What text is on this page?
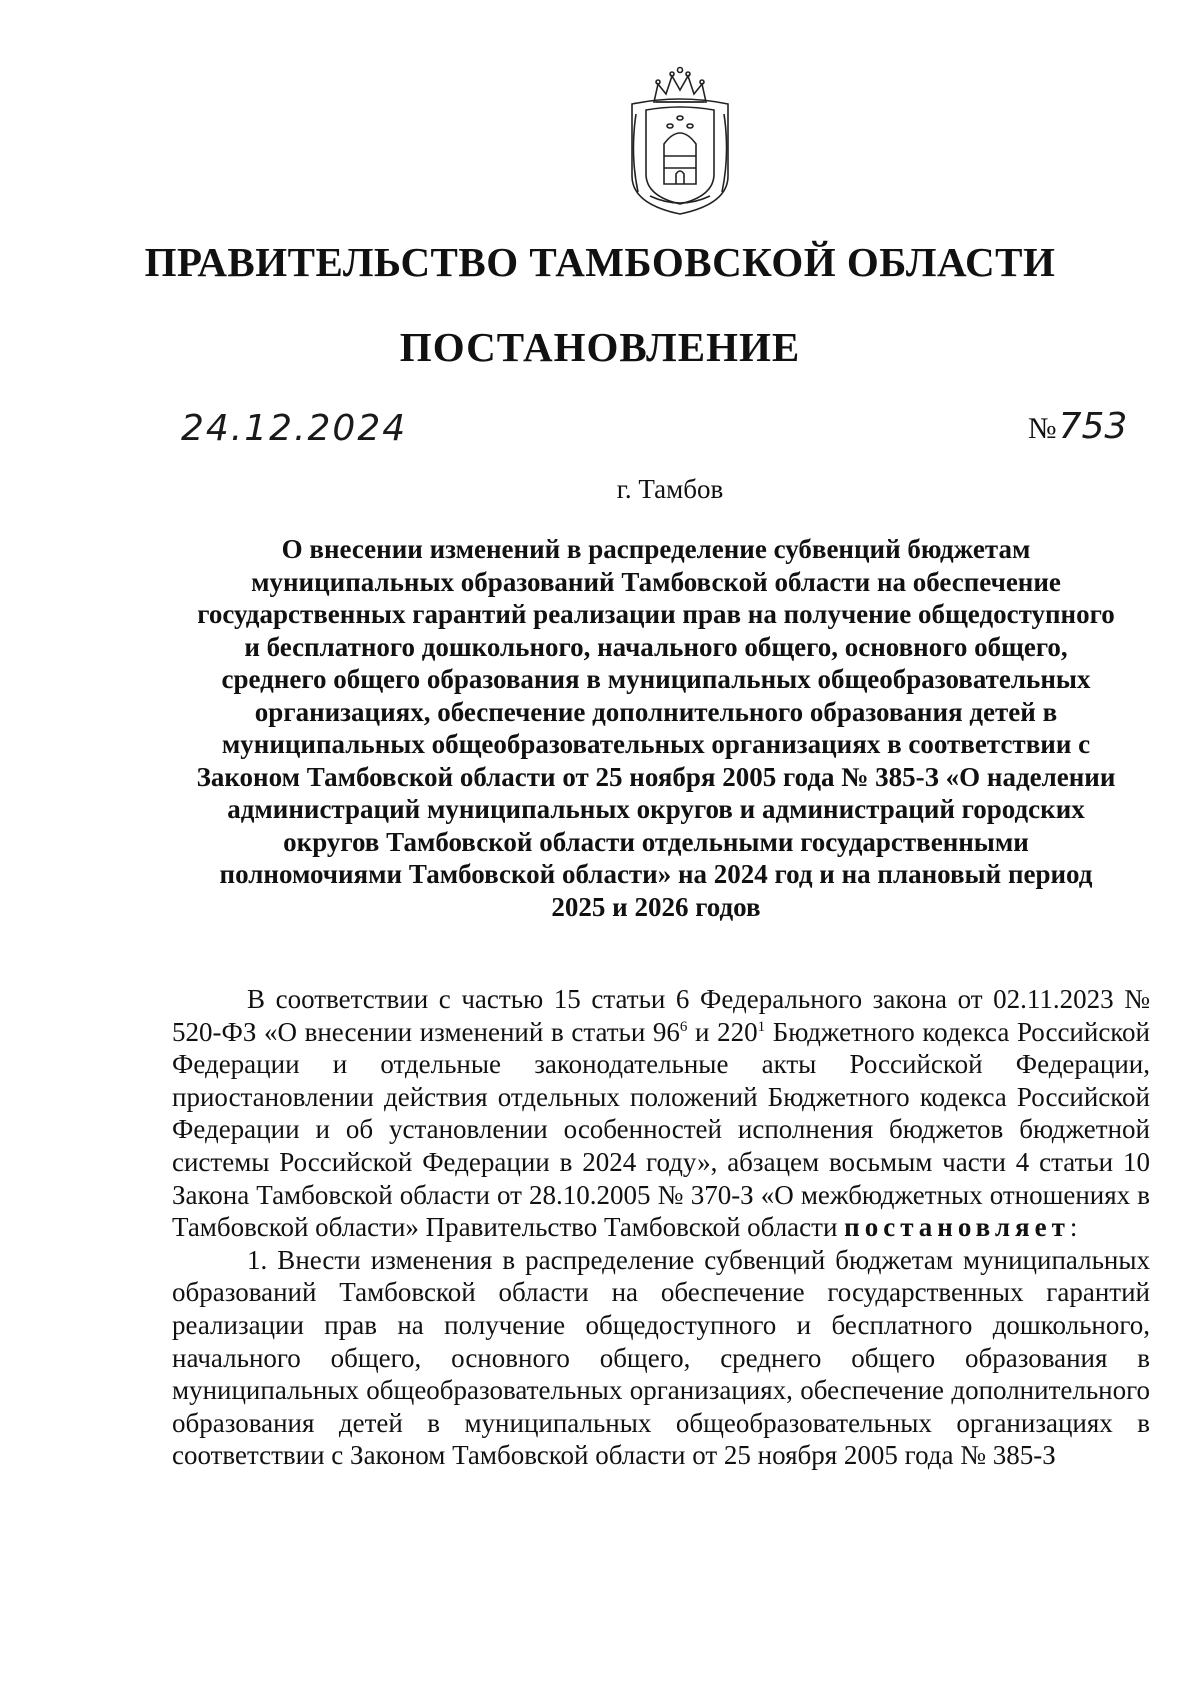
ПРАВИТЕЛЬСТВО ТАМБОВСКОЙ ОБЛАСТИ
ПОСТАНОВЛЕНИЕ
24.12.2024	№753

г. Тамбов

О внесении изменений в распределение субвенций бюджетам муниципальных образований Тамбовской области на обеспечение государственных гарантий реализации прав на получение общедоступного и бесплатного дошкольного, начального общего, основного общего, среднего общего образования в муниципальных общеобразовательных организациях, обеспечение дополнительного образования детей в муниципальных общеобразовательных организациях в соответствии с Законом Тамбовской области от 25 ноября 2005 года № 385-З «О наделении администраций муниципальных округов и администраций городских округов Тамбовской области отдельными государственными полномочиями Тамбовской области» на 2024 год и на плановый период 2025 и 2026 годов

В соответствии с частью 15 статьи 6 Федерального закона от 02.11.2023 № 520-ФЗ «О внесении изменений в статьи $96^6$ и $220^1$ Бюджетного кодекса Российской Федерации и отдельные законодательные акты Российской Федерации, приостановлении действия отдельных положений Бюджетного кодекса Российской Федерации и об установлении особенностей исполнения бюджетов бюджетной системы Российской Федерации в 2024 году», абзацем восьмым части 4 статьи 10 Закона Тамбовской области от 28.10.2005 № 370-З «О межбюджетных отношениях в Тамбовской области» Правительство Тамбовской области постановляет:

1. Внести изменения в распределение субвенций бюджетам муниципальных образований Тамбовской области на обеспечение государственных гарантий реализации прав на получение общедоступного и бесплатного дошкольного, начального общего, основного общего, среднего общего образования в муниципальных общеобразовательных организациях, обеспечение дополнительного образования детей в муниципальных общеобразовательных организациях в соответствии с Законом Тамбовской области от 25 ноября 2005 года № 385-З
